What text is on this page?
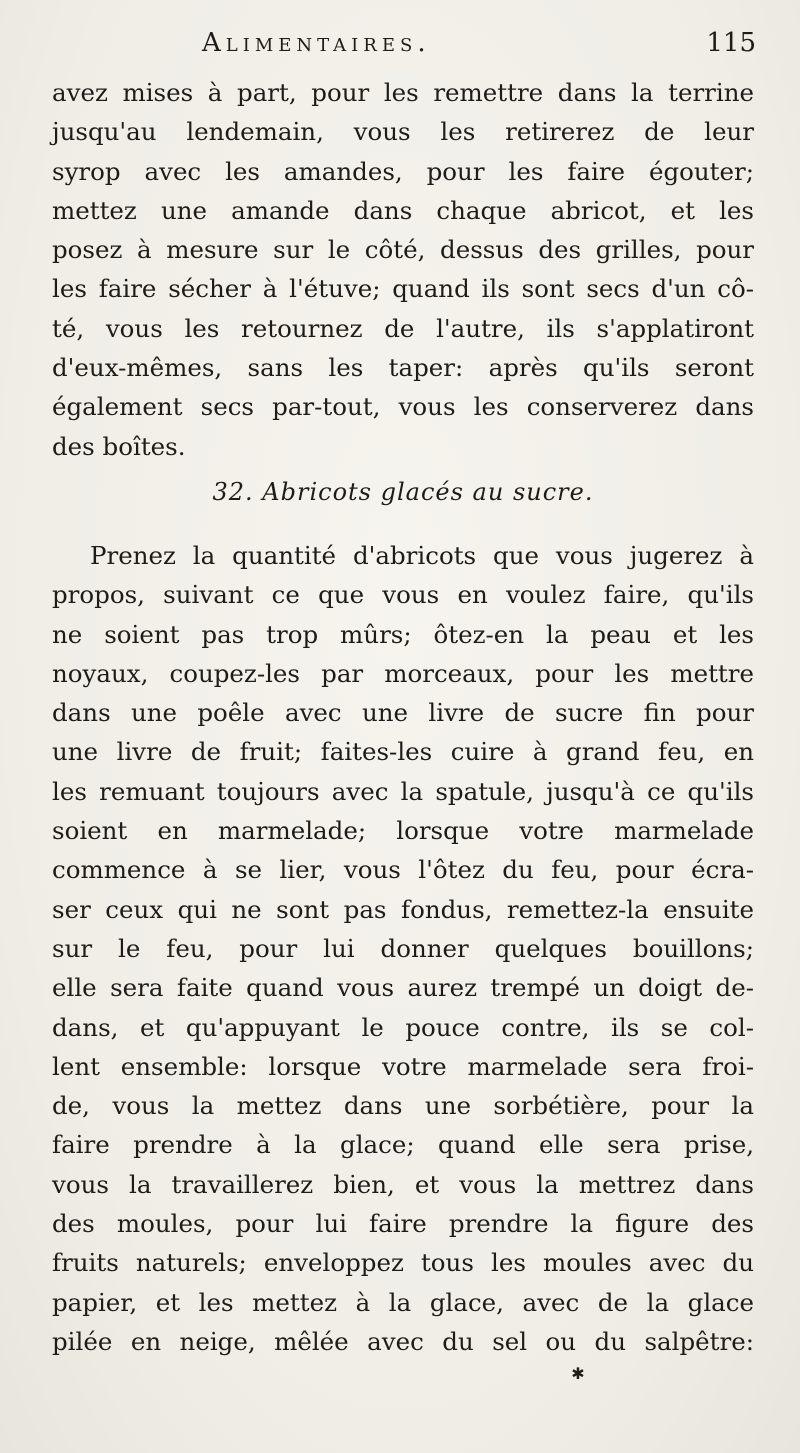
Alimentaires.	115
avez mises à part, pour les remettre dans la terrine
jusqu'au lendemain, vous les retirerez de leur
syrop avec les amandes, pour les faire égouter;
mettez une amande dans chaque abricot, et les
posez à mesure sur le côté, dessus des grilles, pour
les faire sécher à l'étuve; quand ils sont secs d'un cô-
té, vous les retournez de l'autre, ils s'applatiront
d'eux-mêmes, sans les taper: après qu'ils seront
également secs par-tout, vous les conserverez dans
des boîtes.
32. Abricots glacés au sucre.
Prenez la quantité d'abricots que vous jugerez à
propos, suivant ce que vous en voulez faire, qu'ils
ne soient pas trop mûrs; ôtez-en la peau et les
noyaux, coupez-les par morceaux, pour les mettre
dans une poêle avec une livre de sucre fin pour
une livre de fruit; faites-les cuire à grand feu, en
les remuant toujours avec la spatule, jusqu'à ce qu'ils
soient en marmelade; lorsque votre marmelade
commence à se lier, vous l'ôtez du feu, pour écra-
ser ceux qui ne sont pas fondus, remettez-la ensuite
sur le feu, pour lui donner quelques bouillons;
elle sera faite quand vous aurez trempé un doigt de-
dans, et qu'appuyant le pouce contre, ils se col-
lent ensemble: lorsque votre marmelade sera froi-
de, vous la mettez dans une sorbétière, pour la
faire prendre à la glace; quand elle sera prise,
vous la travaillerez bien, et vous la mettrez dans
des moules, pour lui faire prendre la figure des
fruits naturels; enveloppez tous les moules avec du
papier, et les mettez à la glace, avec de la glace
pilée en neige, mêlée avec du sel ou du salpêtre:
✱
